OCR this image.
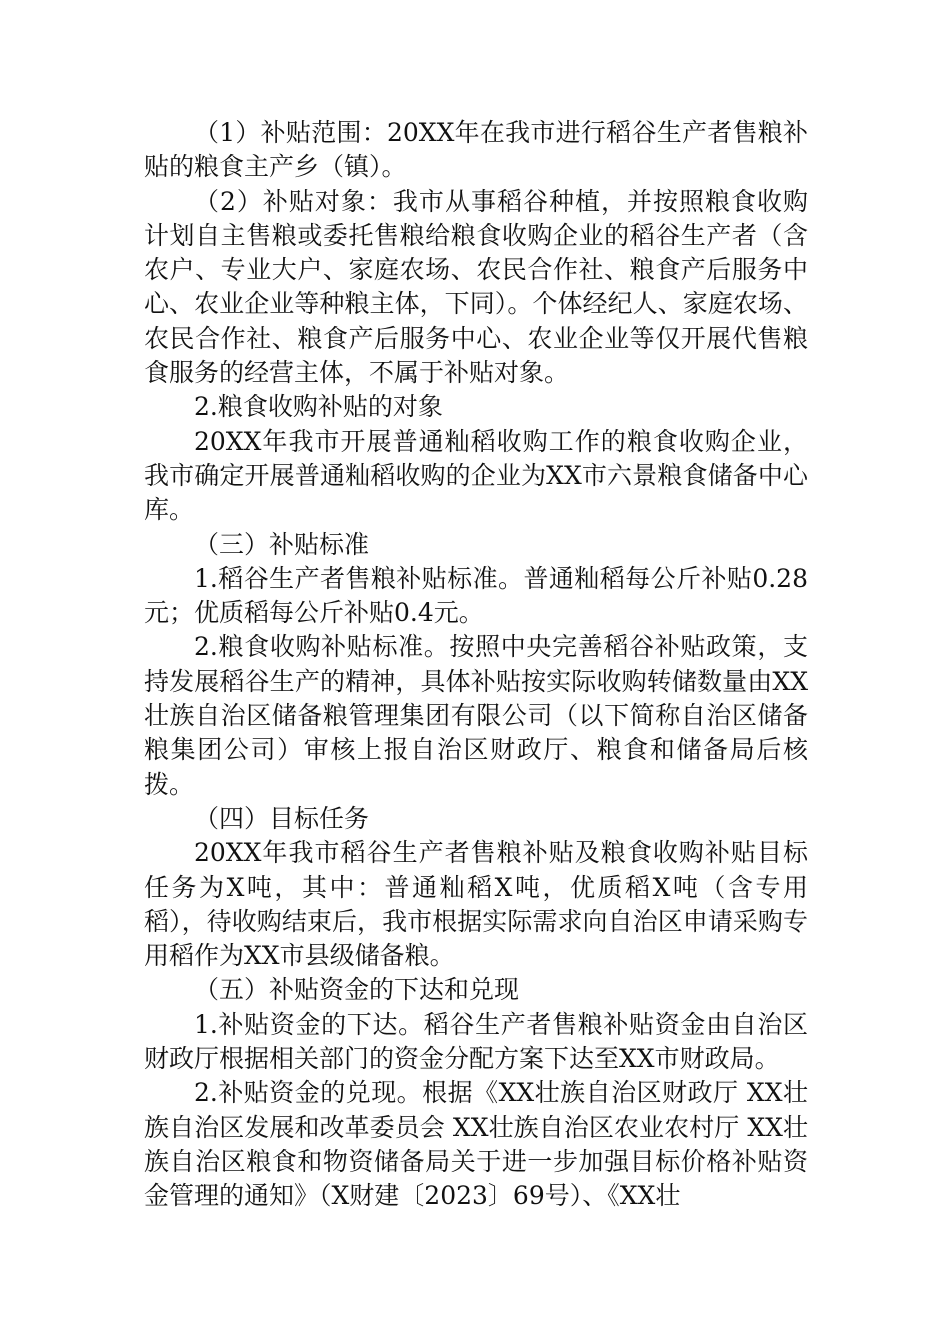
（1）补贴范围：20XX年在我市进行稻谷生产者售粮补贴的粮食主产乡（镇）。

（2）补贴对象：我市从事稻谷种植，并按照粮食收购计划自主售粮或委托售粮给粮食收购企业的稻谷生产者（含农户、专业大户、家庭农场、农民合作社、粮食产后服务中心、农业企业等种粮主体，下同）。个体经纪人、家庭农场、农民合作社、粮食产后服务中心、农业企业等仅开展代售粮食服务的经营主体，不属于补贴对象。

2.粮食收购补贴的对象

20XX年我市开展普通籼稻收购工作的粮食收购企业，我市确定开展普通籼稻收购的企业为XX市六景粮食储备中心库。

（三）补贴标准

1.稻谷生产者售粮补贴标准。普通籼稻每公斤补贴0.28元；优质稻每公斤补贴0.4元。

2.粮食收购补贴标准。按照中央完善稻谷补贴政策，支持发展稻谷生产的精神，具体补贴按实际收购转储数量由XX壮族自治区储备粮管理集团有限公司（以下简称自治区储备粮集团公司）审核上报自治区财政厅、粮食和储备局后核拨。

（四）目标任务

20XX年我市稻谷生产者售粮补贴及粮食收购补贴目标任务为X吨，其中：普通籼稻X吨，优质稻X吨（含专用稻），待收购结束后，我市根据实际需求向自治区申请采购专用稻作为XX市县级储备粮。

（五）补贴资金的下达和兑现

1.补贴资金的下达。稻谷生产者售粮补贴资金由自治区财政厅根据相关部门的资金分配方案下达至XX市财政局。

2.补贴资金的兑现。根据《XX壮族自治区财政厅 XX壮族自治区发展和改革委员会 XX壮族自治区农业农村厅 XX壮族自治区粮食和物资储备局关于进一步加强目标价格补贴资金管理的通知》（X财建〔2023〕69号）、《XX壮
